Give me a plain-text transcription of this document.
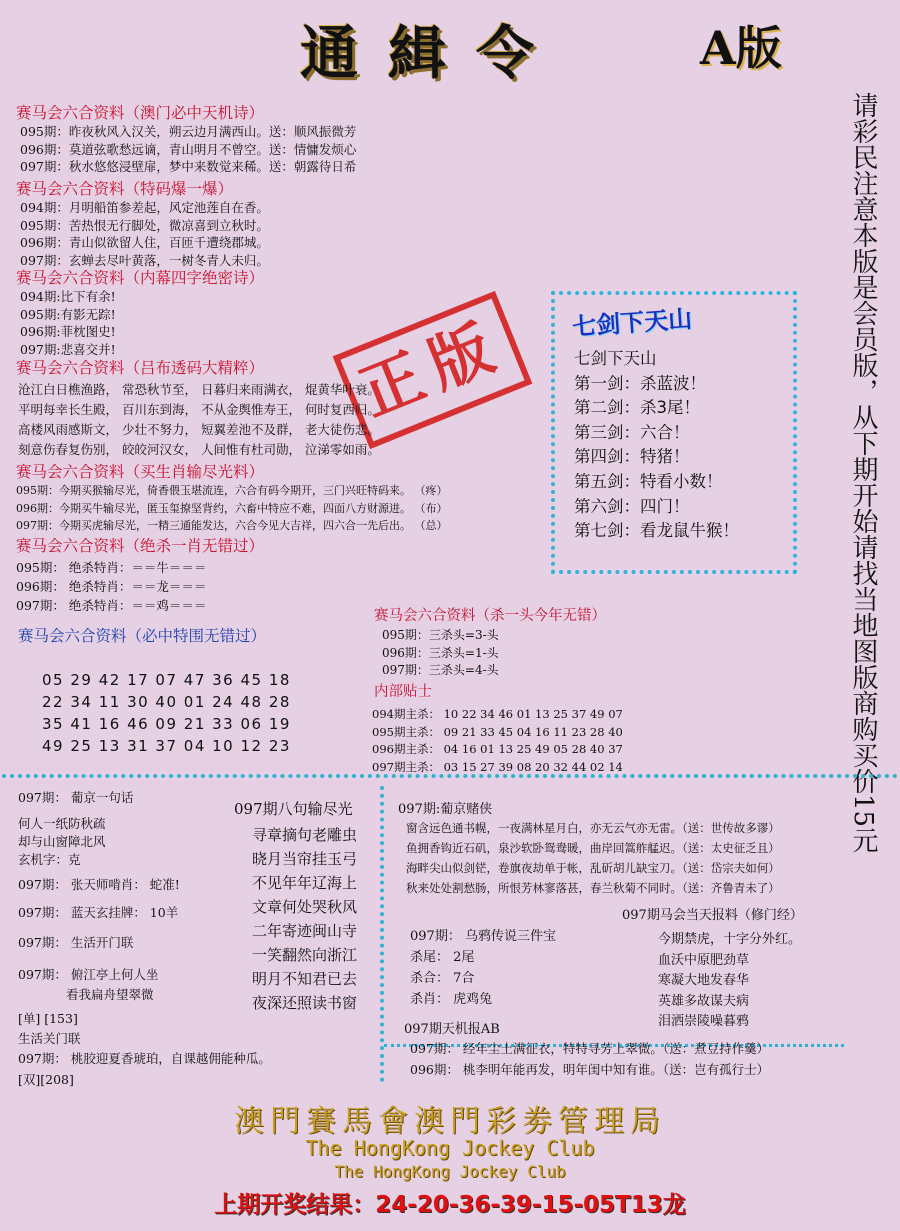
通緝令	A版
请彩民注意本版是会员版，从下期开始请找当地图版商购买价15元
赛马会六合资料（澳门必中天机诗）
095期：昨夜秋风入汉关，朔云边月满西山。送：顺风振微芳
096期：莫道弦歌愁远谪，青山明月不曾空。送：情慵发烦心
097期：秋水悠悠浸壁扉，梦中来数觉来稀。送：朝露待日希
赛马会六合资料（特码爆一爆）
094期：月明船笛参差起，风定池莲自在香。
095期：苦热恨无行脚处，微凉喜到立秋时。
096期：青山似欲留人住，百匝千遭绕郡城。
097期：玄蝉去尽叶黄落，一树冬青人未归。
赛马会六合资料（内幕四字绝密诗）
094期:比下有余!
095期:有影无踪!
096期:菲枕图史!
097期:悲喜交并!	正版
赛马会六合资料（吕布透码大精粹）
沧江白日樵渔路， 常恐秋节至， 日暮归来雨满衣， 焜黄华叶衰。
平明每幸长生殿， 百川东到海， 不从金舆惟寿王， 何时复西归。
高楼风雨感斯文， 少壮不努力， 短翼差池不及群， 老大徒伤悲。
刻意伤春复伤别， 皎皎河汉女， 人间惟有杜司勋， 泣涕零如雨。
赛马会六合资料（买生肖输尽光料）
095期：今期买猴输尽光，倚香偎玉堪流连，六合有码今期开，三门兴旺特码来。 （疼）
096期：今期买牛输尽光，匿玉玺撩坚背约，六畜中特应不难，四面八方财源进。 （布）
097期：今期买虎输尽光，一精三通能发达，六合今见大吉祥，四六合一先后出。 （总）
赛马会六合资料（绝杀一肖无错过）
095期： 绝杀特肖：＝＝牛＝＝＝
096期： 绝杀特肖：＝＝龙＝＝＝
097期： 绝杀特肖：＝＝鸡＝＝＝
赛马会六合资料（必中特围无错过）
05 29 42 17 07 47 36 45 18
22 34 11 30 40 01 24 48 28
35 41 16 46 09 21 33 06 19
49 25 13 31 37 04 10 12 23
七剑下天山
七剑下天山
第一剑：杀蓝波！
第二剑：杀3尾！
第三剑：六合！
第四剑：特猪！
第五剑：特看小数！
第六剑：四门！
第七剑：看龙鼠牛猴！
赛马会六合资料（杀一头今年无错）
095期：三杀头=3-头
096期：三杀头=1-头
097期：三杀头=4-头
内部贴士
094期主杀： 10 22 34 46 01 13 25 37 49 07
095期主杀： 09 21 33 45 04 16 11 23 28 40
096期主杀： 04 16 01 13 25 49 05 28 40 37
097期主杀： 03 15 27 39 08 20 32 44 02 14
097期： 葡京一句话
何人一纸防秋疏
却与山窗障北风
玄机字：克
097期： 张天师啃肖： 蛇准!
097期： 蓝天玄挂牌： 10羊
097期： 生活开门联
097期： 俯江亭上何人坐
看我扁舟望翠微
[单] [153]
生活关门联
097期： 桃胶迎夏香琥珀，自课越佣能种瓜。
[双][208]
097期八句输尽光
寻章摘句老雕虫
晓月当帘挂玉弓
不见年年辽海上
文章何处哭秋风
二年寄迹闽山寺
一笑翻然向浙江
明月不知君已去
夜深还照读书窗
097期:葡京赌侠
窗含远色通书幌，一夜满林星月白，亦无云气亦无雷。（送：世传故多谬）
鱼拥香钩近石矶，泉沙软卧鸳鸯暖，曲岸回篙舴艋迟。（送：太史征乏且）
海畔尖山似剑铓，卷旗夜劫单于帐，乱斫胡儿缺宝刀。（送：岱宗夫如何）
秋来处处割愁肠，所恨芳林寥落甚，春兰秋菊不同时。（送：齐鲁青未了）
097期马会当天报料（修门经）
097期： 乌鸦传说三件宝
杀尾： 2尾
杀合： 7合
杀肖： 虎鸡兔
今期禁虎，十字分外红。
血沃中原肥劲草
寒凝大地发春华
英雄多故谋夫病
泪洒崇陵噪暮鸦
097期天机报AB
097期： 经年尘土满征衣，特特寻芳上翠微。（送：煮豆持作羹）
096期： 桃李明年能再发，明年闺中知有谁。（送：岂有孤行士）
澳門賽馬會澳門彩劵管理局
The HongKong Jockey Club
The HongKong Jockey Club
上期开奖结果：24-20-36-39-15-05T13龙
